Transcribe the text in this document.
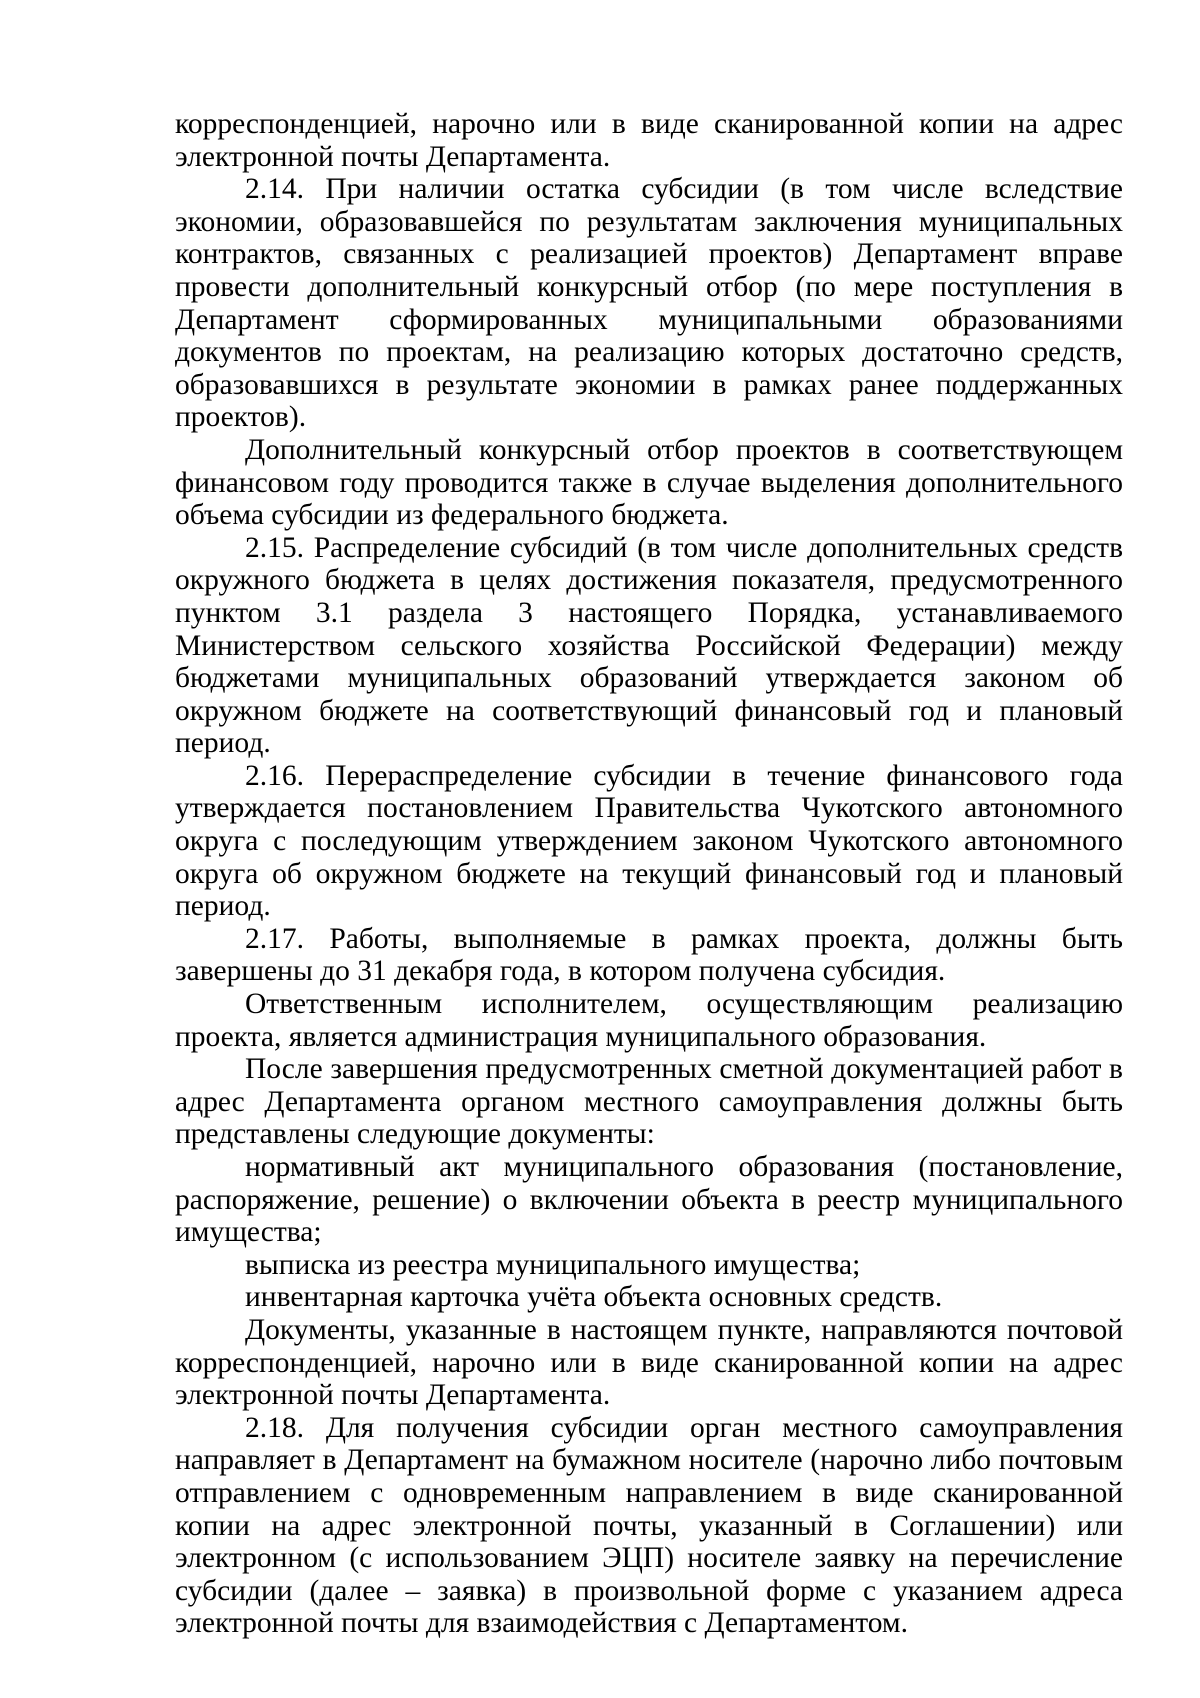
корреспонденцией, нарочно или в виде сканированной копии на адрес электронной почты Департамента.

2.14. При наличии остатка субсидии (в том числе вследствие экономии, образовавшейся по результатам заключения муниципальных контрактов, связанных с реализацией проектов) Департамент вправе провести дополнительный конкурсный отбор (по мере поступления в Департамент сформированных муниципальными образованиями документов по проектам, на реализацию которых достаточно средств, образовавшихся в результате экономии в рамках ранее поддержанных проектов).

Дополнительный конкурсный отбор проектов в соответствующем финансовом году проводится также в случае выделения дополнительного объема субсидии из федерального бюджета.

2.15. Распределение субсидий (в том числе дополнительных средств окружного бюджета в целях достижения показателя, предусмотренного пунктом 3.1 раздела 3 настоящего Порядка, устанавливаемого Министерством сельского хозяйства Российской Федерации) между бюджетами муниципальных образований утверждается законом об окружном бюджете на соответствующий финансовый год и плановый период.

2.16. Перераспределение субсидии в течение финансового года утверждается постановлением Правительства Чукотского автономного округа с последующим утверждением законом Чукотского автономного округа об окружном бюджете на текущий финансовый год и плановый период.

2.17. Работы, выполняемые в рамках проекта, должны быть завершены до 31 декабря года, в котором получена субсидия.

Ответственным исполнителем, осуществляющим реализацию проекта, является администрация муниципального образования.

После завершения предусмотренных сметной документацией работ в адрес Департамента органом местного самоуправления должны быть представлены следующие документы:

нормативный акт муниципального образования (постановление, распоряжение, решение) о включении объекта в реестр муниципального имущества;

выписка из реестра муниципального имущества;

инвентарная карточка учёта объекта основных средств.

Документы, указанные в настоящем пункте, направляются почтовой корреспонденцией, нарочно или в виде сканированной копии на адрес электронной почты Департамента.

2.18. Для получения субсидии орган местного самоуправления направляет в Департамент на бумажном носителе (нарочно либо почтовым отправлением с одновременным направлением в виде сканированной копии на адрес электронной почты, указанный в Соглашении) или электронном (с использованием ЭЦП) носителе заявку на перечисление субсидии (далее – заявка) в произвольной форме с указанием адреса электронной почты для взаимодействия с Департаментом.
